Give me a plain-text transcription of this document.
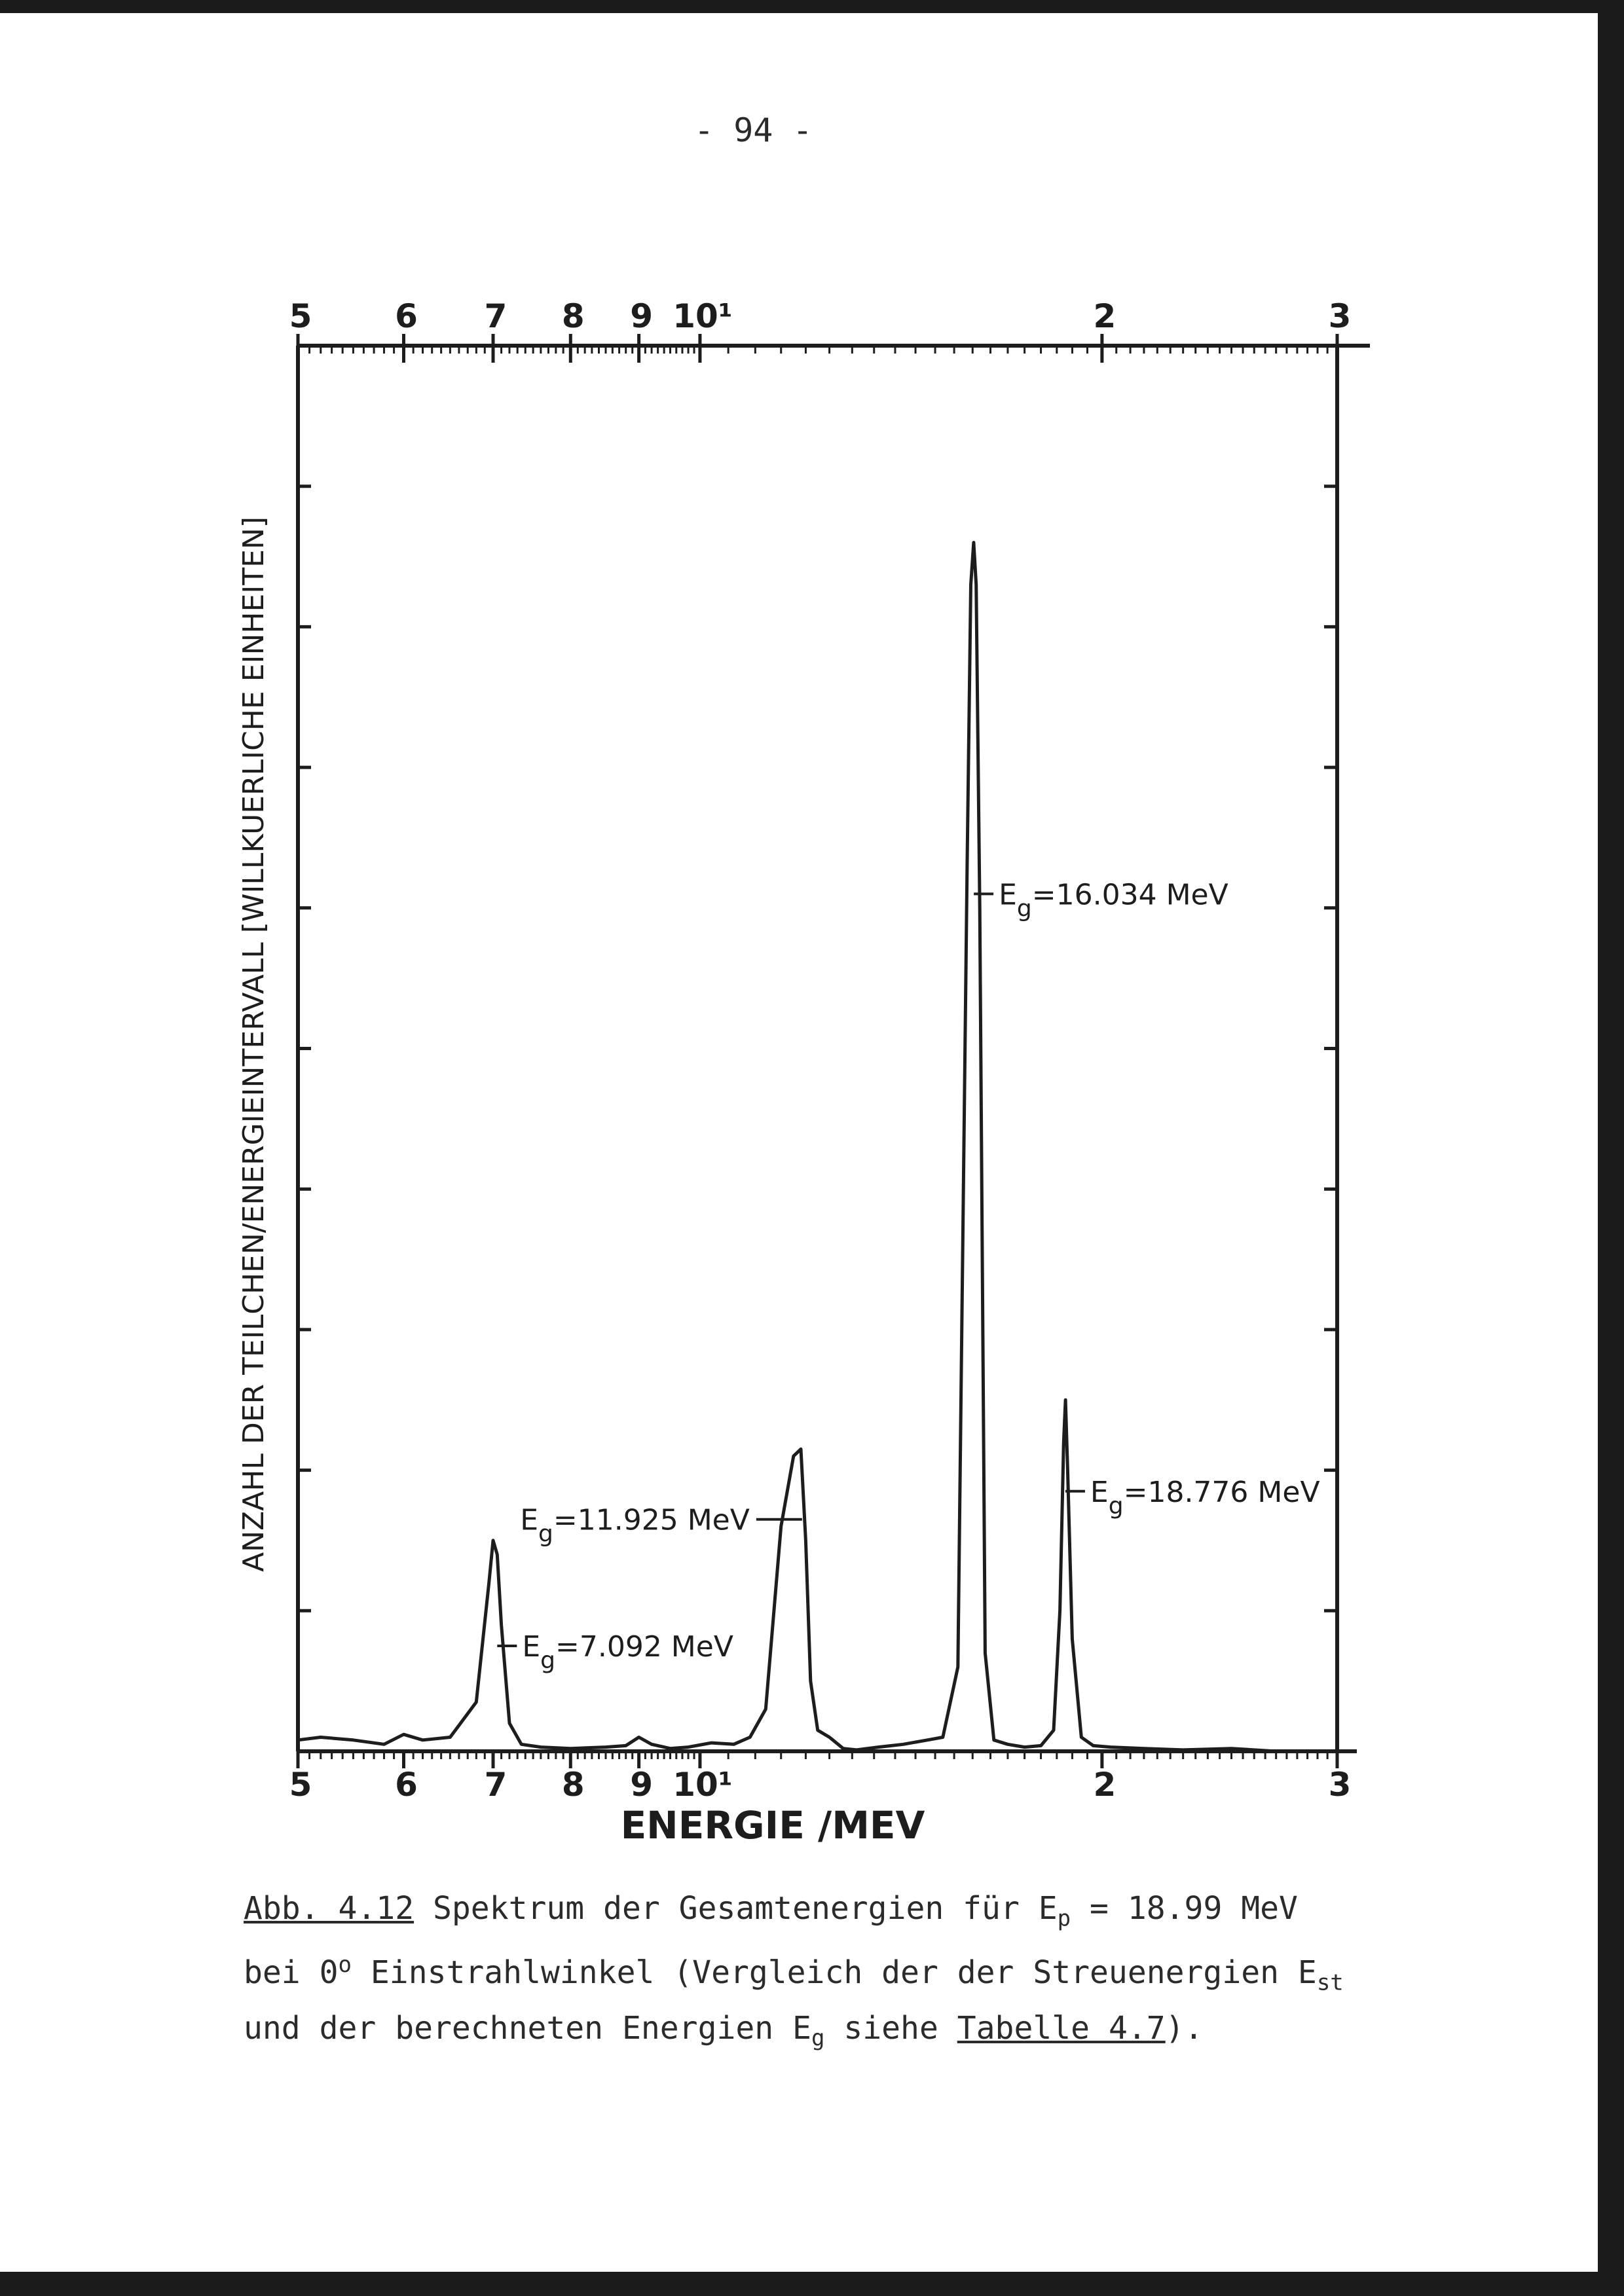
- 94 -
5	6 7 8 9 10¹	2	3
5	6 7 8 9 10¹	2	3
$E_g=7.092$ MeV
$E_g=11.925$ MeV
$E_g=16.034$ MeV
$E_g=18.776$ MeV
ENERGIE /MEV
ANZAHL DER TEILCHEN/ENERGIEINTERVALL [WILLKUERLICHE EINHEITEN]
Abb. 4.12 Spektrum der Gesamtenergien für $E_p = 18.99$ MeV
bei 0$^o$ Einstrahlwinkel (Vergleich der der Streuenergien $E_{st}$
und der berechneten Energien $E_g$ siehe Tabelle 4.7).
